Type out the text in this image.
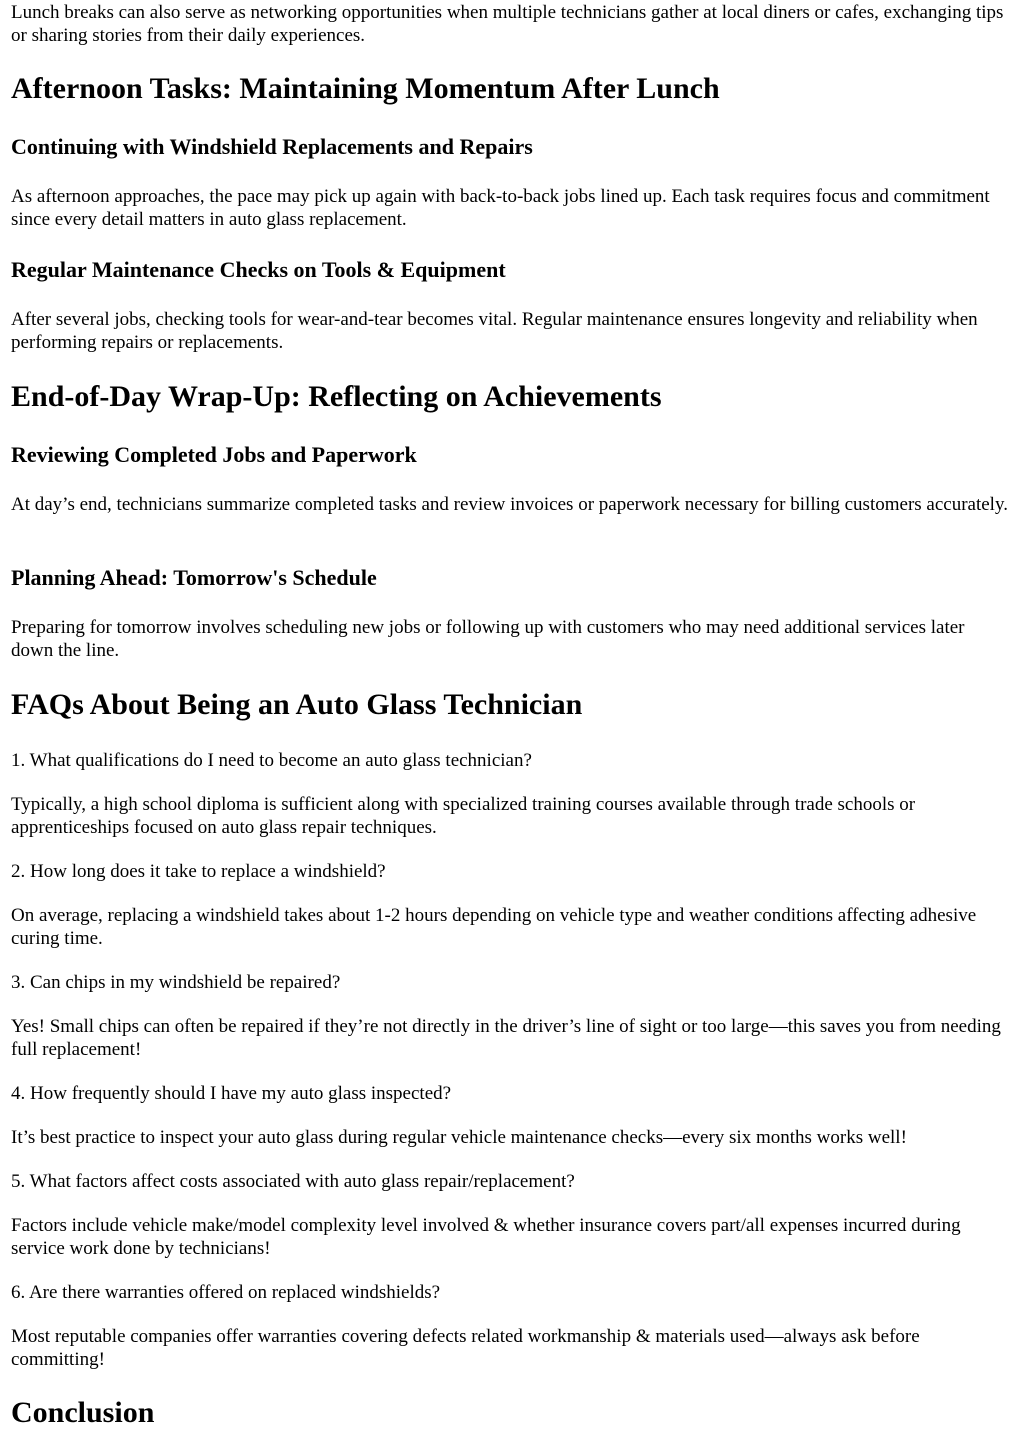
Lunch breaks can also serve as networking opportunities when multiple technicians gather at local diners or cafes, exchanging tips or sharing stories from their daily experiences.

Afternoon Tasks: Maintaining Momentum After Lunch
Continuing with Windshield Replacements and Repairs

As afternoon approaches, the pace may pick up again with back-to-back jobs lined up. Each task requires focus and commitment since every detail matters in auto glass replacement.

Regular Maintenance Checks on Tools & Equipment

After several jobs, checking tools for wear-and-tear becomes vital. Regular maintenance ensures longevity and reliability when performing repairs or replacements.

End-of-Day Wrap-Up: Reflecting on Achievements
Reviewing Completed Jobs and Paperwork

At day’s end, technicians summarize completed tasks and review invoices or paperwork necessary for billing customers accurately.

Planning Ahead: Tomorrow's Schedule

Preparing for tomorrow involves scheduling new jobs or following up with customers who may need additional services later down the line.

FAQs About Being an Auto Glass Technician

1. What qualifications do I need to become an auto glass technician?

Typically, a high school diploma is sufficient along with specialized training courses available through trade schools or apprenticeships focused on auto glass repair techniques.

2. How long does it take to replace a windshield?

On average, replacing a windshield takes about 1-2 hours depending on vehicle type and weather conditions affecting adhesive curing time.

3. Can chips in my windshield be repaired?

Yes! Small chips can often be repaired if they’re not directly in the driver’s line of sight or too large—this saves you from needing full replacement!

4. How frequently should I have my auto glass inspected?

It’s best practice to inspect your auto glass during regular vehicle maintenance checks—every six months works well!

5. What factors affect costs associated with auto glass repair/replacement?

Factors include vehicle make/model complexity level involved & whether insurance covers part/all expenses incurred during service work done by technicians!

6. Are there warranties offered on replaced windshields?

Most reputable companies offer warranties covering defects related workmanship & materials used—always ask before committing!

Conclusion
